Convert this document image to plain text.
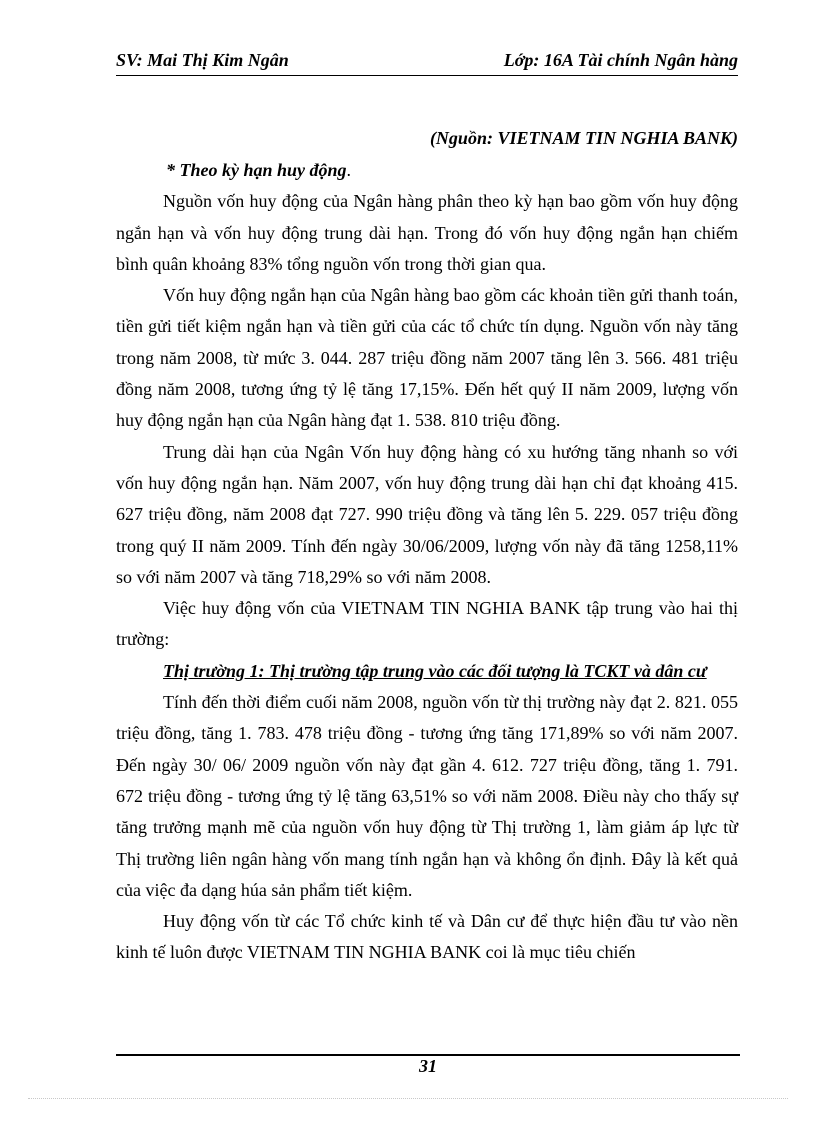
SV: Mai Thị Kim Ngân	Lớp: 16A Tài chính Ngân hàng
(Nguồn: VIETNAM TIN NGHIA BANK)

* Theo kỳ hạn huy động.

Nguồn vốn huy động của Ngân hàng phân theo kỳ hạn bao gồm vốn huy động ngắn hạn và vốn huy động trung dài hạn. Trong đó vốn huy động ngắn hạn chiếm bình quân khoảng 83% tổng nguồn vốn trong thời gian qua.

Vốn huy động ngắn hạn của Ngân hàng bao gồm các khoản tiền gửi thanh toán, tiền gửi tiết kiệm ngắn hạn và tiền gửi của các tổ chức tín dụng. Nguồn vốn này tăng trong năm 2008, từ mức 3. 044. 287 triệu đồng năm 2007 tăng lên 3. 566. 481 triệu đồng năm 2008, tương ứng tỷ lệ tăng 17,15%. Đến hết quý II năm 2009, lượng vốn huy động ngắn hạn của Ngân hàng đạt 1. 538. 810 triệu đồng.

Trung dài hạn của Ngân Vốn huy động hàng có xu hướng tăng nhanh so với vốn huy động ngắn hạn. Năm 2007, vốn huy động trung dài hạn chỉ đạt khoảng 415. 627 triệu đồng, năm 2008 đạt 727. 990 triệu đồng và tăng lên 5. 229. 057 triệu đồng trong quý II năm 2009. Tính đến ngày 30/06/2009, lượng vốn này đã tăng 1258,11% so với năm 2007 và tăng 718,29% so với năm 2008.

Việc huy động vốn của VIETNAM TIN NGHIA BANK tập trung vào hai thị trường:

Thị trường 1: Thị trường tập trung vào các đối tượng là TCKT và dân cư

Tính đến thời điểm cuối năm 2008, nguồn vốn từ thị trường này đạt 2. 821. 055 triệu đồng, tăng 1. 783. 478 triệu đồng - tương ứng tăng 171,89% so với năm 2007. Đến ngày 30/ 06/ 2009 nguồn vốn này đạt gần 4. 612. 727 triệu đồng, tăng 1. 791. 672 triệu đồng - tương ứng tỷ lệ tăng 63,51% so với năm 2008. Điều này cho thấy sự tăng trưởng mạnh mẽ của nguồn vốn huy động từ Thị trường 1, làm giảm áp lực từ Thị trường liên ngân hàng vốn mang tính ngắn hạn và không ổn định. Đây là kết quả của việc đa dạng húa sản phẩm tiết kiệm.

Huy động vốn từ các Tổ chức kinh tế và Dân cư để thực hiện đầu tư vào nền kinh tế luôn được VIETNAM TIN NGHIA BANK coi là mục tiêu chiến

31
